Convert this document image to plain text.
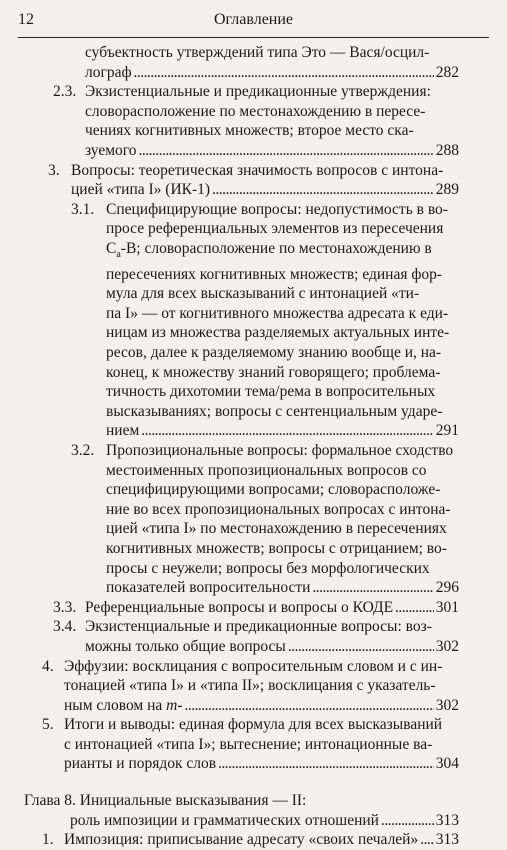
12	Оглавление
субъектность утверждений типа Это — Вася/осцил-
лограф . . .	282
2.3. Экзистенциальные и предикационные утверждения:
словорасположение по местонахождению в пересе-
чениях когнитивных множеств; второе место ска-
зуемого . . .	288
3. Вопросы: теоретическая значимость вопросов с интона-
цией «типа I» (ИК-1) . . .	289
3.1. Специфицирующие вопросы: недопустимость в во-
просе референциальных элементов из пересечения
$С_а-B$; словорасположение по местонахождению в
пересечениях когнитивных множеств; единая фор-
мула для всех высказываний с интонацией «ти-
па I» — от когнитивного множества адресата к еди-
ницам из множества разделяемых актуальных инте-
ресов, далее к разделяемому знанию вообще и, на-
конец, к множеству знаний говорящего; проблема-
тичность дихотомии тема/рема в вопросительных
высказываниях; вопросы с сентенциальным ударе-
нием . . .	291
3.2. Пропозициональные вопросы: формальное сходство
местоименных пропозициональных вопросов со
специфицирующими вопросами; словорасположе-
ние во всех пропозициональных вопросах с интона-
цией «типа I» по местонахождению в пересечениях
когнитивных множеств; вопросы с отрицанием; во-
просы с неужели; вопросы без морфологических
показателей вопросительности . . .	296
3.3. Референциальные вопросы и вопросы о КОДЕ . . .	301
3.4. Экзистенциальные и предикационные вопросы: воз-
можны только общие вопросы . . .	302
4. Эффузии: восклицания с вопросительным словом и с ин-
тонацией «типа I» и «типа II»; восклицания с указатель-
ным словом на т- . . .	302
5. Итоги и выводы: единая формула для всех высказываний
с интонацией «типа I»; вытеснение; интонационные ва-
рианты и порядок слов . . .	304
Глава 8. Инициальные высказывания — II:
роль импозиции и грамматических отношений . . .	313
1. Импозиция: приписывание адресату «своих печалей» . . . 313
